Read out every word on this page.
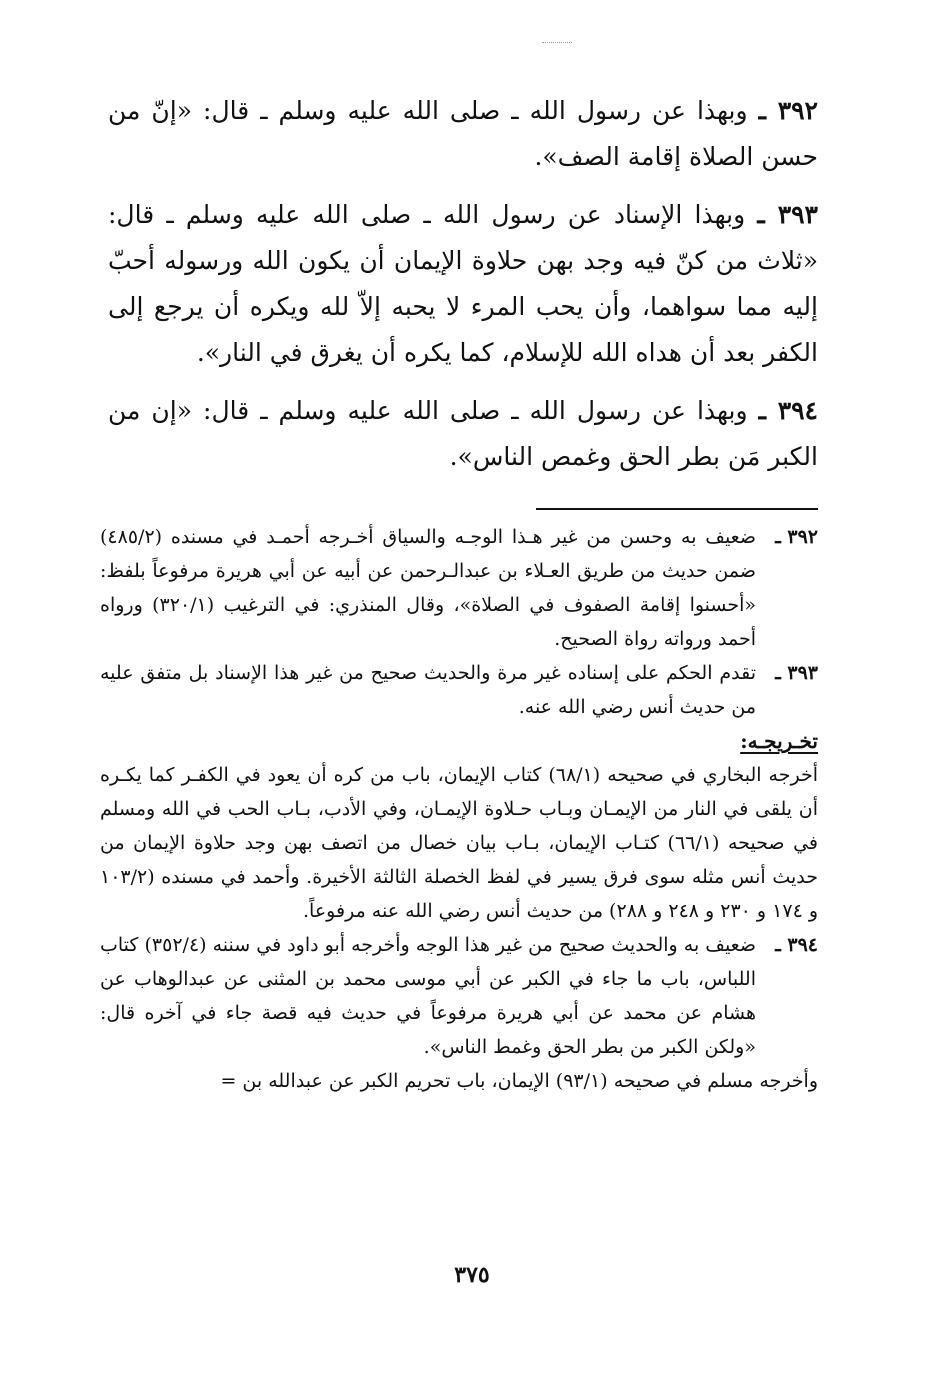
٣٩٢ ـ وبهذا عن رسول الله ـ صلى الله عليه وسلم ـ قال: «إنّ من حسن الصلاة إقامة الصف».

٣٩٣ ـ وبهذا الإسناد عن رسول الله ـ صلى الله عليه وسلم ـ قال: «ثلاث من كنّ فيه وجد بهن حلاوة الإيمان أن يكون الله ورسوله أحبّ إليه مما سواهما، وأن يحب المرء لا يحبه إلاّ لله ويكره أن يرجع إلى الكفر بعد أن هداه الله للإسلام، كما يكره أن يغرق في النار».

٣٩٤ ـ وبهذا عن رسول الله ـ صلى الله عليه وسلم ـ قال: «إن من الكبر مَن بطر الحق وغمص الناس».

٣٩٢ ـ
ضعيف به وحسن من غير هـذا الوجـه والسياق أخـرجه أحمـد في مسنده (٤٨٥/٢) ضمن حديث من طريق العـلاء بن عبدالـرحمن عن أبيه عن أبي هريرة مرفوعاً بلفظ: «أحسنوا إقامة الصفوف في الصلاة»، وقال المنذري: في الترغيب (٣٢٠/١) ورواه أحمد ورواته رواة الصحيح.

٣٩٣ ـ
تقدم الحكم على إسناده غير مرة والحديث صحيح من غير هذا الإسناد بل متفق عليه من حديث أنس رضي الله عنه.

تخـريجـه:

أخرجه البخاري في صحيحه (٦٨/١) كتاب الإيمان، باب من كره أن يعود في الكفـر كما يكـره أن يلقى في النار من الإيمـان وبـاب حـلاوة الإيمـان، وفي الأدب، بـاب الحب في الله ومسلم في صحيحه (٦٦/١) كتـاب الإيمان، بـاب بيان خصال من اتصف بهن وجد حلاوة الإيمان من حديث أنس مثله سوى فرق يسير في لفظ الخصلة الثالثة الأخيرة. وأحمد في مسنده (١٠٣/٢ و ١٧٤ و ٢٣٠ و ٢٤٨ و ٢٨٨) من حديث أنس رضي الله عنه مرفوعاً.

٣٩٤ ـ
ضعيف به والحديث صحيح من غير هذا الوجه وأخرجه أبو داود في سننه (٣٥٢/٤) كتاب اللباس، باب ما جاء في الكبر عن أبي موسى محمد بن المثنى عن عبدالوهاب عن هشام عن محمد عن أبي هريرة مرفوعاً في حديث فيه قصة جاء في آخره قال: «ولكن الكبر من بطر الحق وغمط الناس».

وأخرجه مسلم في صحيحه (٩٣/١) الإيمان، باب تحريم الكبر عن عبدالله بن =

٣٧٥
